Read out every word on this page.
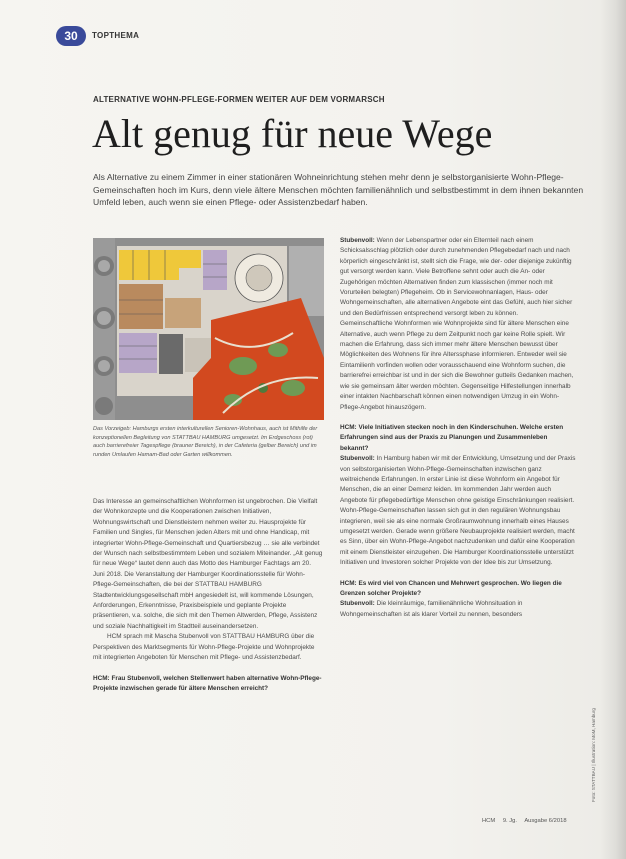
30	TOPTHEMA
ALTERNATIVE WOHN-PFLEGE-FORMEN WEITER AUF DEM VORMARSCH
Alt genug für neue Wege
Als Alternative zu einem Zimmer in einer stationären Wohneinrichtung stehen mehr denn je selbstorganisierte Wohn-Pflege-Gemeinschaften hoch im Kurs, denn viele ältere Menschen möchten familienähnlich und selbstbestimmt in dem ihnen bekannten Umfeld leben, auch wenn sie einen Pflege- oder Assistenzbedarf haben.
Das Vorzeigeb: Hamburgs ersten interkulturellen Senioren-Wohnhaus, auch ist Mithilfe der konzeptionellen Begleitung von STATTBAU HAMBURG umgesetzt. Im Erdgeschoss (rot) auch barrierefreier Tagespflege (brauner Bereich), in der Cafeteria (gelber Bereich) und im runden Umlaufen Hamam-Bad oder Garten willkommen.

Das Interesse an gemeinschaftlichen Wohnformen ist ungebrochen. Die Vielfalt der Wohnkonzepte und die Kooperationen zwischen Initiativen, Wohnungswirtschaft und Dienstleistern nehmen weiter zu. Hausprojekte für Familien und Singles, für Menschen jeden Alters mit und ohne Handicap, mit integrierter Wohn-Pflege-Gemeinschaft und Quartiersbezug … sie alle verbindet der Wunsch nach selbstbestimmtem Leben und sozialem Miteinander. „Alt genug für neue Wege“ lautet denn auch das Motto des Hamburger Fachtags am 20. Juni 2018. Die Veranstaltung der Hamburger Koordinationsstelle für Wohn-Pflege-Gemeinschaften, die bei der STATTBAU HAMBURG Stadtentwicklungsgesellschaft mbH angesiedelt ist, will kommende Lösungen, Anforderungen, Erkenntnisse, Praxisbeispiele und geplante Projekte präsentieren, v.a. solche, die sich mit den Themen Altwerden, Pflege, Assistenz und soziale Nachhaltigkeit im Stadtteil auseinandersetzen.

HCM sprach mit Mascha Stubenvoll von STATTBAU HAMBURG über die Perspektiven des Marktsegments für Wohn-Pflege-Projekte und Wohnprojekte mit integrierten Angeboten für Menschen mit Pflege- und Assistenzbedarf.

HCM: Frau Stubenvoll, welchen Stellenwert haben alternative Wohn-Pflege-Projekte inzwischen gerade für ältere Menschen erreicht?

Stubenvoll: Wenn der Lebenspartner oder ein Elternteil nach einem Schicksalsschlag plötzlich oder durch zunehmenden Pflegebedarf nach und nach körperlich eingeschränkt ist, stellt sich die Frage, wie der- oder diejenige zukünftig gut versorgt werden kann. Viele Betroffene sehnt oder auch die An- oder Zugehörigen möchten Alternativen finden zum klassischen (immer noch mit Vorurteilen belegten) Pflegeheim. Ob in Servicewohnanlagen, Haus- oder Wohngemeinschaften, alle alternativen Angebote eint das Gefühl, auch hier sicher und den Bedürfnissen entsprechend versorgt leben zu können.

Gemeinschaftliche Wohnformen wie Wohnprojekte sind für ältere Menschen eine Alternative, auch wenn Pflege zu dem Zeitpunkt noch gar keine Rolle spielt. Wir machen die Erfahrung, dass sich immer mehr ältere Menschen bewusst über Möglichkeiten des Wohnens für ihre Alterssphase informieren. Entweder weil sie Eintamilienh vorfinden wollen oder vorausschauend eine Wohnform suchen, die barrierefrei erreichbar ist und in der sich die Bewohner gutteils Gedanken machen, wie sie gemeinsam älter werden möchten. Gegenseitige Hilfestellungen innerhalb einer intakten Nachbarschaft können einen notwendigen Umzug in ein Wohn-Pflege-Angebot hinauszögern.

HCM: Viele Initiativen stecken noch in den Kinderschuhen. Welche ersten Erfahrungen sind aus der Praxis zu Planungen und Zusammenleben bekannt?

Stubenvoll: In Hamburg haben wir mit der Entwicklung, Umsetzung und der Praxis von selbstorganisierten Wohn-Pflege-Gemeinschaften inzwischen ganz weitreichende Erfahrungen. In erster Linie ist diese Wohnform ein Angebot für Menschen, die an einer Demenz leiden. Im kommenden Jahr werden auch Angebote für pflegebedürftige Menschen ohne geistige Einschränkungen realisiert. Wohn-Pflege-Gemeinschaften lassen sich gut in den regulären Wohnungsbau integrieren, weil sie als eine normale Großraumwohnung innerhalb eines Hauses umgesetzt werden. Gerade wenn größere Neubauprojekte realisiert werden, macht es Sinn, über ein Wohn-Pflege-Angebot nachzudenken und dafür eine Kooperation mit einem Dienstleister einzugehen. Die Hamburger Koordinationsstelle unterstützt Initiativen und Investoren solcher Projekte von der Idee bis zur Umsetzung.

HCM: Es wird viel von Chancen und Mehrwert gesprochen. Wo liegen die Grenzen solcher Projekte?

Stubenvoll: Die kleinräumige, familienähnliche Wohnsituation in Wohngemeinschaften ist als klarer Vorteil zu nennen, besonders

Foto: STATTBAU | Illustration: MoM, Hamburg
HCM 9. Jg. Ausgabe 6/2018
